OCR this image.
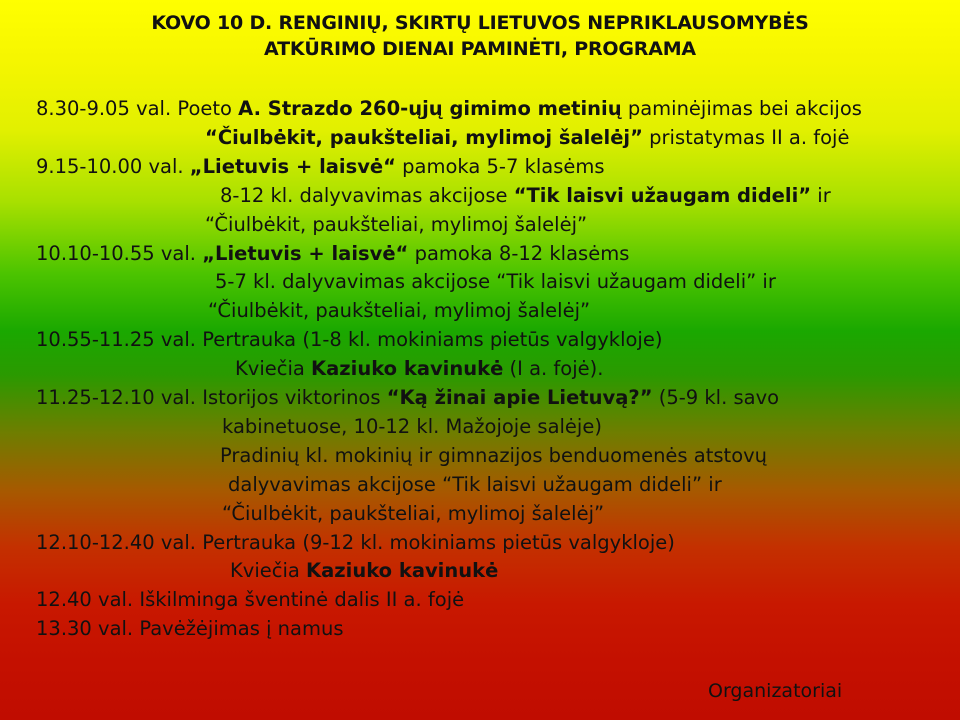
KOVO 10 D. RENGINIŲ, SKIRTŲ LIETUVOS NEPRIKLAUSOMYBĖS
ATKŪRIMO DIENAI PAMINĖTI, PROGRAMA
8.30-9.05 val. Poeto A. Strazdo 260-ųjų gimimo metinių paminėjimas bei akcijos
“Čiulbėkit, paukšteliai, mylimoj šalelėj” pristatymas II a. fojė
9.15-10.00 val. „Lietuvis + laisvė“ pamoka 5-7 klasėms
8-12 kl. dalyvavimas akcijose “Tik laisvi užaugam dideli” ir
“Čiulbėkit, paukšteliai, mylimoj šalelėj”
10.10-10.55 val. „Lietuvis + laisvė“ pamoka 8-12 klasėms
5-7 kl. dalyvavimas akcijose “Tik laisvi užaugam dideli” ir
“Čiulbėkit, paukšteliai, mylimoj šalelėj”
10.55-11.25 val. Pertrauka (1-8 kl. mokiniams pietūs valgykloje)
Kviečia Kaziuko kavinukė (I a. fojė).
11.25-12.10 val. Istorijos viktorinos “Ką žinai apie Lietuvą?” (5-9 kl. savo
kabinetuose, 10-12 kl. Mažojoje salėje)
Pradinių kl. mokinių ir gimnazijos benduomenės atstovų
dalyvavimas akcijose “Tik laisvi užaugam dideli” ir
“Čiulbėkit, paukšteliai, mylimoj šalelėj”
12.10-12.40 val. Pertrauka (9-12 kl. mokiniams pietūs valgykloje)
Kviečia Kaziuko kavinukė
12.40 val. Iškilminga šventinė dalis II a. fojė
13.30 val. Pavėžėjimas į namus
Organizatoriai
